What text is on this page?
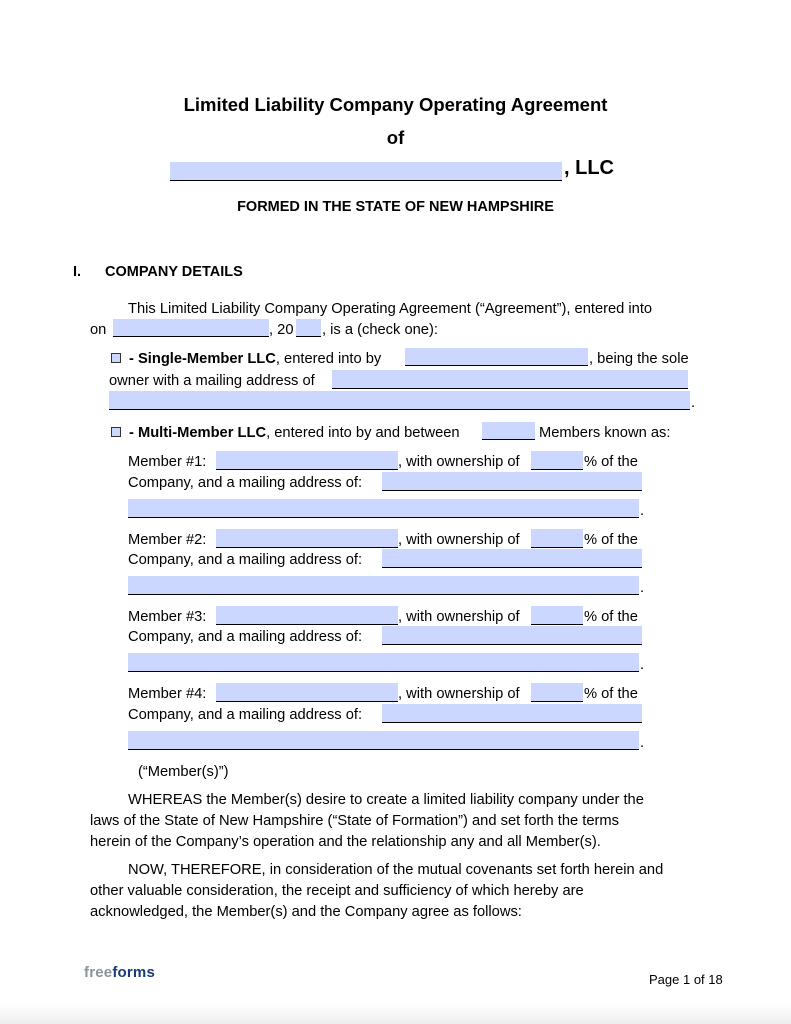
Limited Liability Company Operating Agreement
of
, LLC
FORMED IN THE STATE OF NEW HAMPSHIRE
I. COMPANY DETAILS
This Limited Liability Company Operating Agreement (“Agreement”), entered into
on	, 20 , is a (check one):
- Single-Member LLC, entered into by	, being the sole
owner with a mailing address of
.
- Multi-Member LLC, entered into by and between	Members known as:
Member #1:	, with ownership of	% of the
Company, and a mailing address of:
.
Member #2:	, with ownership of	% of the
Company, and a mailing address of:
.
Member #3:	, with ownership of	% of the
Company, and a mailing address of:
.
Member #4:	, with ownership of	% of the
Company, and a mailing address of:
.
(“Member(s)”)
WHEREAS the Member(s) desire to create a limited liability company under the
laws of the State of New Hampshire (“State of Formation”) and set forth the terms
herein of the Company’s operation and the relationship any and all Member(s).
NOW, THEREFORE, in consideration of the mutual covenants set forth herein and
other valuable consideration, the receipt and sufficiency of which hereby are
acknowledged, the Member(s) and the Company agree as follows:
freeforms	Page 1 of 18
